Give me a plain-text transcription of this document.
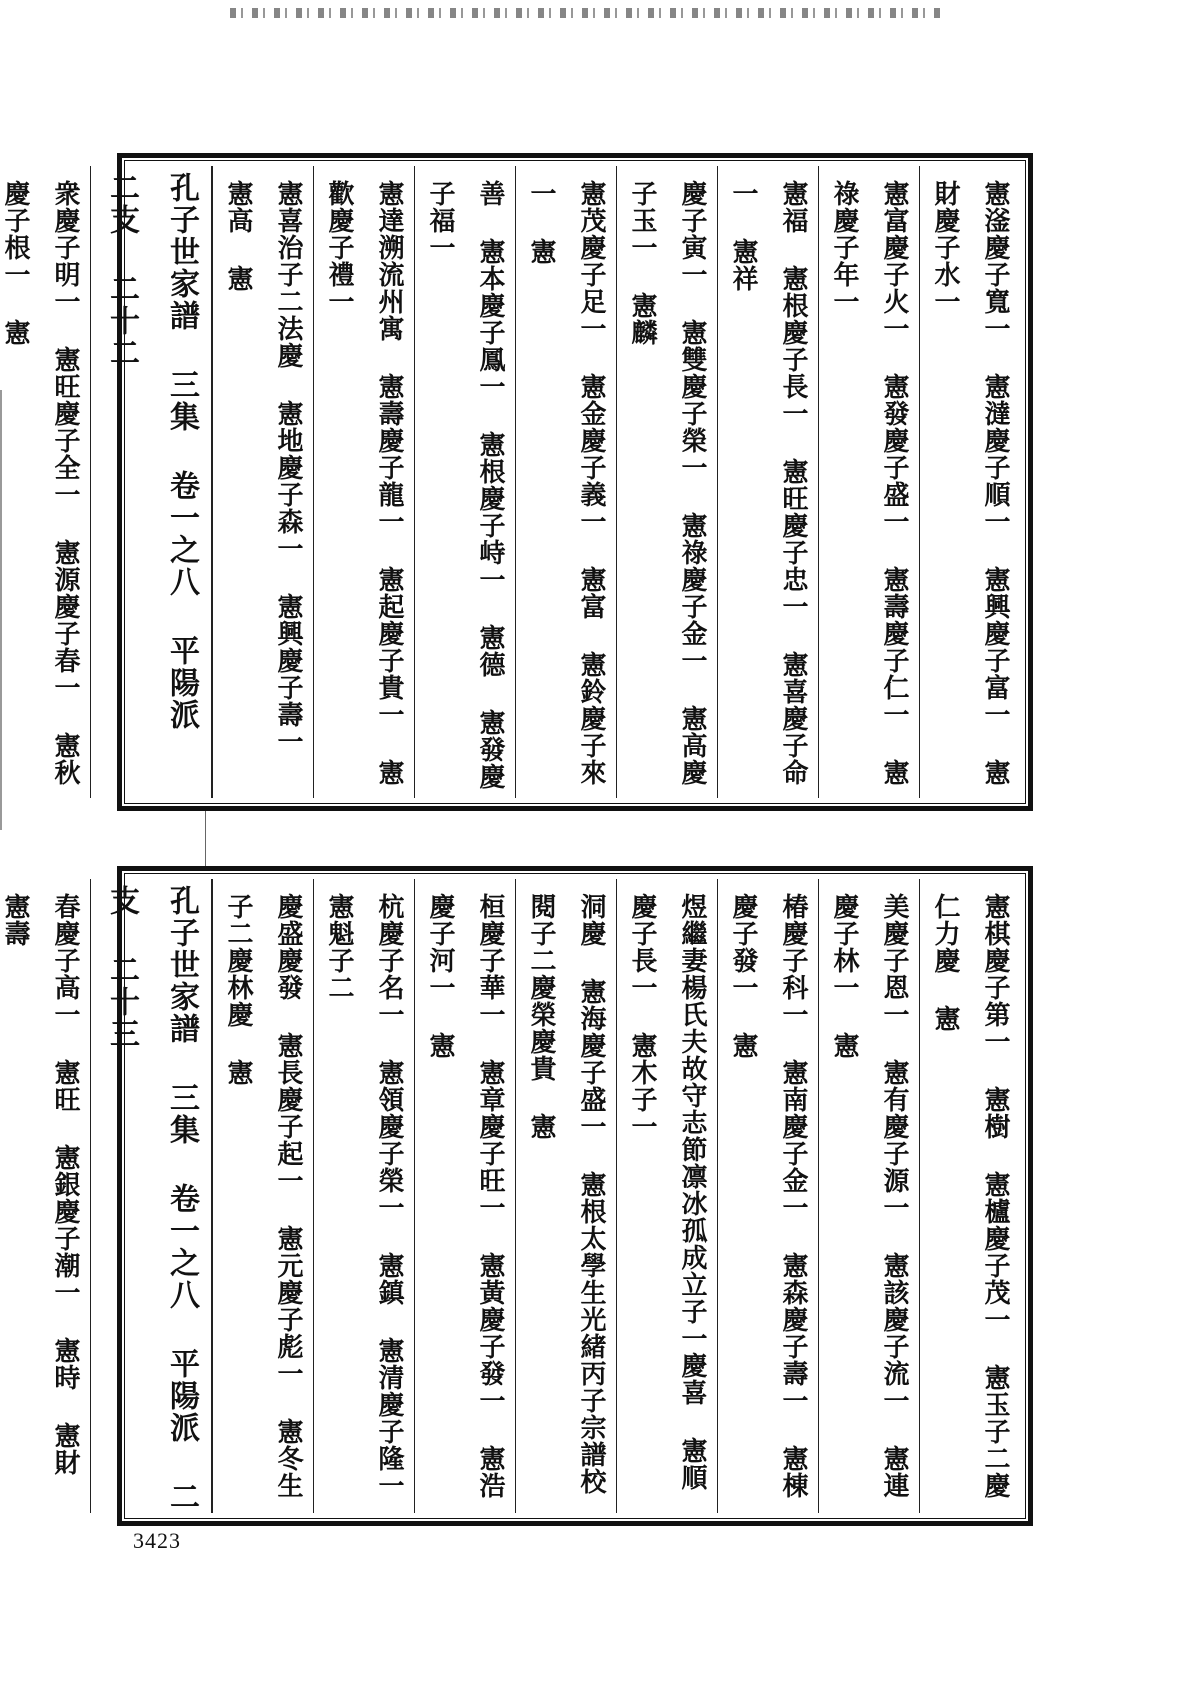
憲滏慶子寬一 憲澾慶子順一 憲興慶子富一 憲財慶子水一
憲富慶子火一 憲發慶子盛一 憲壽慶子仁一 憲祿慶子年一
憲福 憲根慶子長一 憲旺慶子忠一 憲喜慶子命一 憲祥
慶子寅一 憲雙慶子榮一 憲祿慶子金一 憲高慶子玉一 憲麟
憲茂慶子足一 憲金慶子義一 憲富 憲鈴慶子來一 憲
善 憲本慶子鳳一 憲根慶子峙一 憲德 憲發慶子福一
憲達溯流州寓 憲壽慶子龍一 憲起慶子貴一 憲歡慶子禮一
憲喜治子二法慶 憲地慶子森一 憲興慶子壽一 憲高 憲
孔子世家譜 三集 卷一之八 平陽派 二支 二十二
衆慶子明一 憲旺慶子全一 憲源慶子春一 憲秋慶子根一 憲
憲棋慶子第一 憲樹 憲櫨慶子茂一 憲玉子二慶仁力慶 憲
美慶子恩一 憲有慶子源一 憲該慶子流一 憲連慶子林一 憲
椿慶子科一 憲南慶子金一 憲森慶子壽一 憲棟慶子發一 憲
煜繼妻楊氏夫故守志節凛冰孤成立子一慶喜 憲順慶子長一 憲木子一
洞慶 憲海慶子盛一 憲根太學生光緒丙子宗譜校閱子二慶榮慶貴 憲
桓慶子華一 憲章慶子旺一 憲黃慶子發一 憲浩慶子河一 憲
杭慶子名一 憲領慶子榮一 憲鎮 憲清慶子隆一 憲魁子二
慶盛慶發 憲長慶子起一 憲元慶子彪一 憲冬生子二慶林慶 憲
孔子世家譜 三集 卷一之八 平陽派 二支 二十三
春慶子高一 憲旺 憲銀慶子潮一 憲時 憲財 憲壽
3423
